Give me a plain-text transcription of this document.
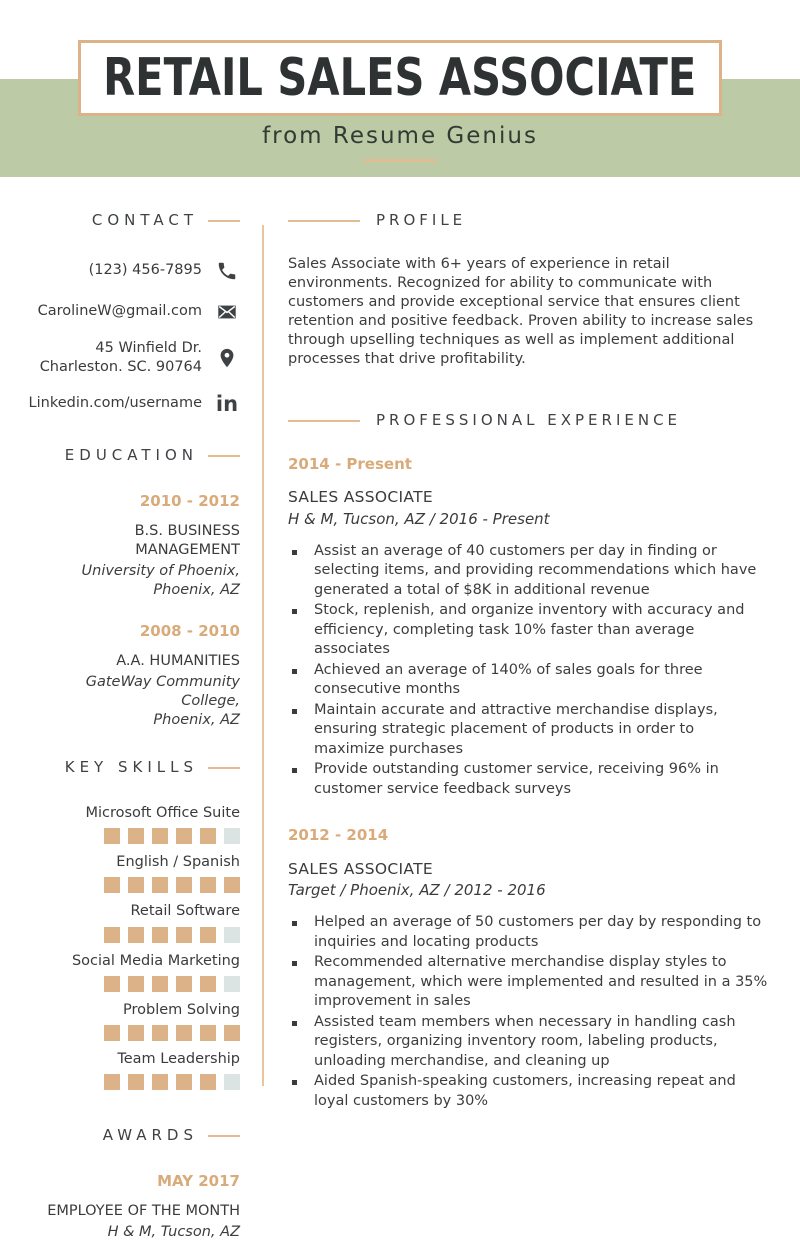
RETAIL SALES ASSOCIATE
from Resume Genius
CONTACT
(123) 456-7895
CarolineW@gmail.com
45 Winfield Dr.
Charleston. SC. 90764
Linkedin.com/username in
EDUCATION
2010 - 2012
B.S. BUSINESS MANAGEMENT
University of Phoenix,
Phoenix, AZ
2008 - 2010
A.A. HUMANITIES
GateWay Community College,
Phoenix, AZ
KEY SKILLS
Microsoft Office Suite
English / Spanish
Retail Software
Social Media Marketing
Problem Solving
Team Leadership
AWARDS
MAY 2017
EMPLOYEE OF THE MONTH
H & M, Tucson, AZ
PROFILE

Sales Associate with 6+ years of experience in retail environments. Recognized for ability to communicate with customers and provide exceptional service that ensures client retention and positive feedback. Proven ability to increase sales through upselling techniques as well as implement additional processes that drive profitability.

PROFESSIONAL EXPERIENCE
2014 - Present
SALES ASSOCIATE
H & M, Tucson, AZ / 2016 - Present
Assist an average of 40 customers per day in finding or selecting items, and providing recommendations which have generated a total of $8K in additional revenue
Stock, replenish, and organize inventory with accuracy and efficiency, completing task 10% faster than average associates
Achieved an average of 140% of sales goals for three consecutive months
Maintain accurate and attractive merchandise displays, ensuring strategic placement of products in order to maximize purchases
Provide outstanding customer service, receiving 96% in customer service feedback surveys
2012 - 2014
SALES ASSOCIATE
Target / Phoenix, AZ / 2012 - 2016
Helped an average of 50 customers per day by responding to inquiries and locating products
Recommended alternative merchandise display styles to management, which were implemented and resulted in a 35% improvement in sales
Assisted team members when necessary in handling cash registers, organizing inventory room, labeling products, unloading merchandise, and cleaning up
Aided Spanish-speaking customers, increasing repeat and loyal customers by 30%
